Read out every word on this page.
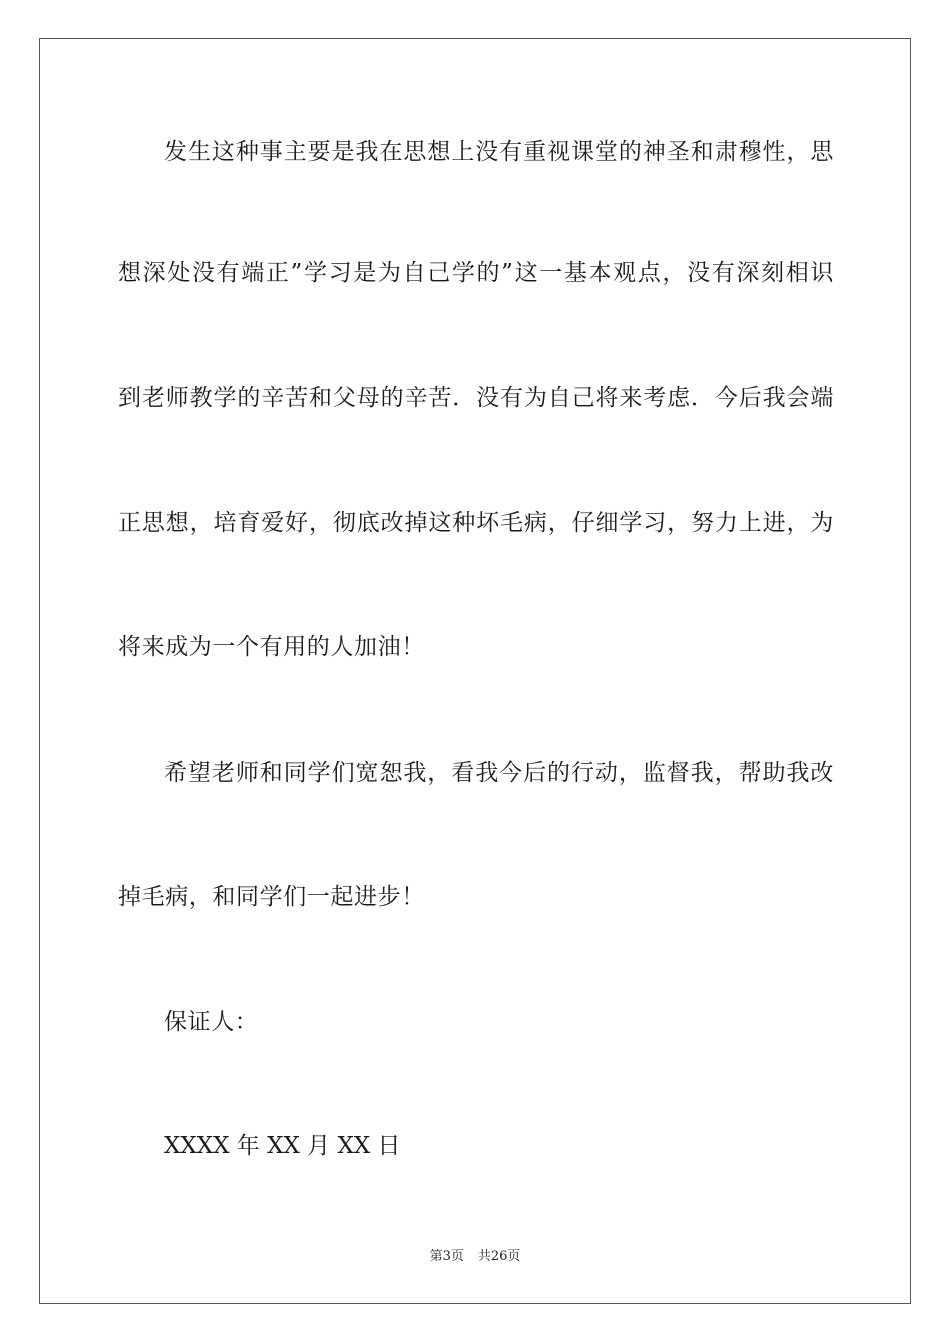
发生这种事主要是我在思想上没有重视课堂的神圣和肃穆性，思
想深处没有端正”学习是为自己学的”这一基本观点，没有深刻相识
到老师教学的辛苦和父母的辛苦．没有为自己将来考虑．今后我会端
正思想，培育爱好，彻底改掉这种坏毛病，仔细学习，努力上进，为
将来成为一个有用的人加油！
希望老师和同学们宽恕我，看我今后的行动，监督我，帮助我改
掉毛病，和同学们一起进步！
保证人：
XXXX 年 XX 月 XX 日
第3页 共26页
